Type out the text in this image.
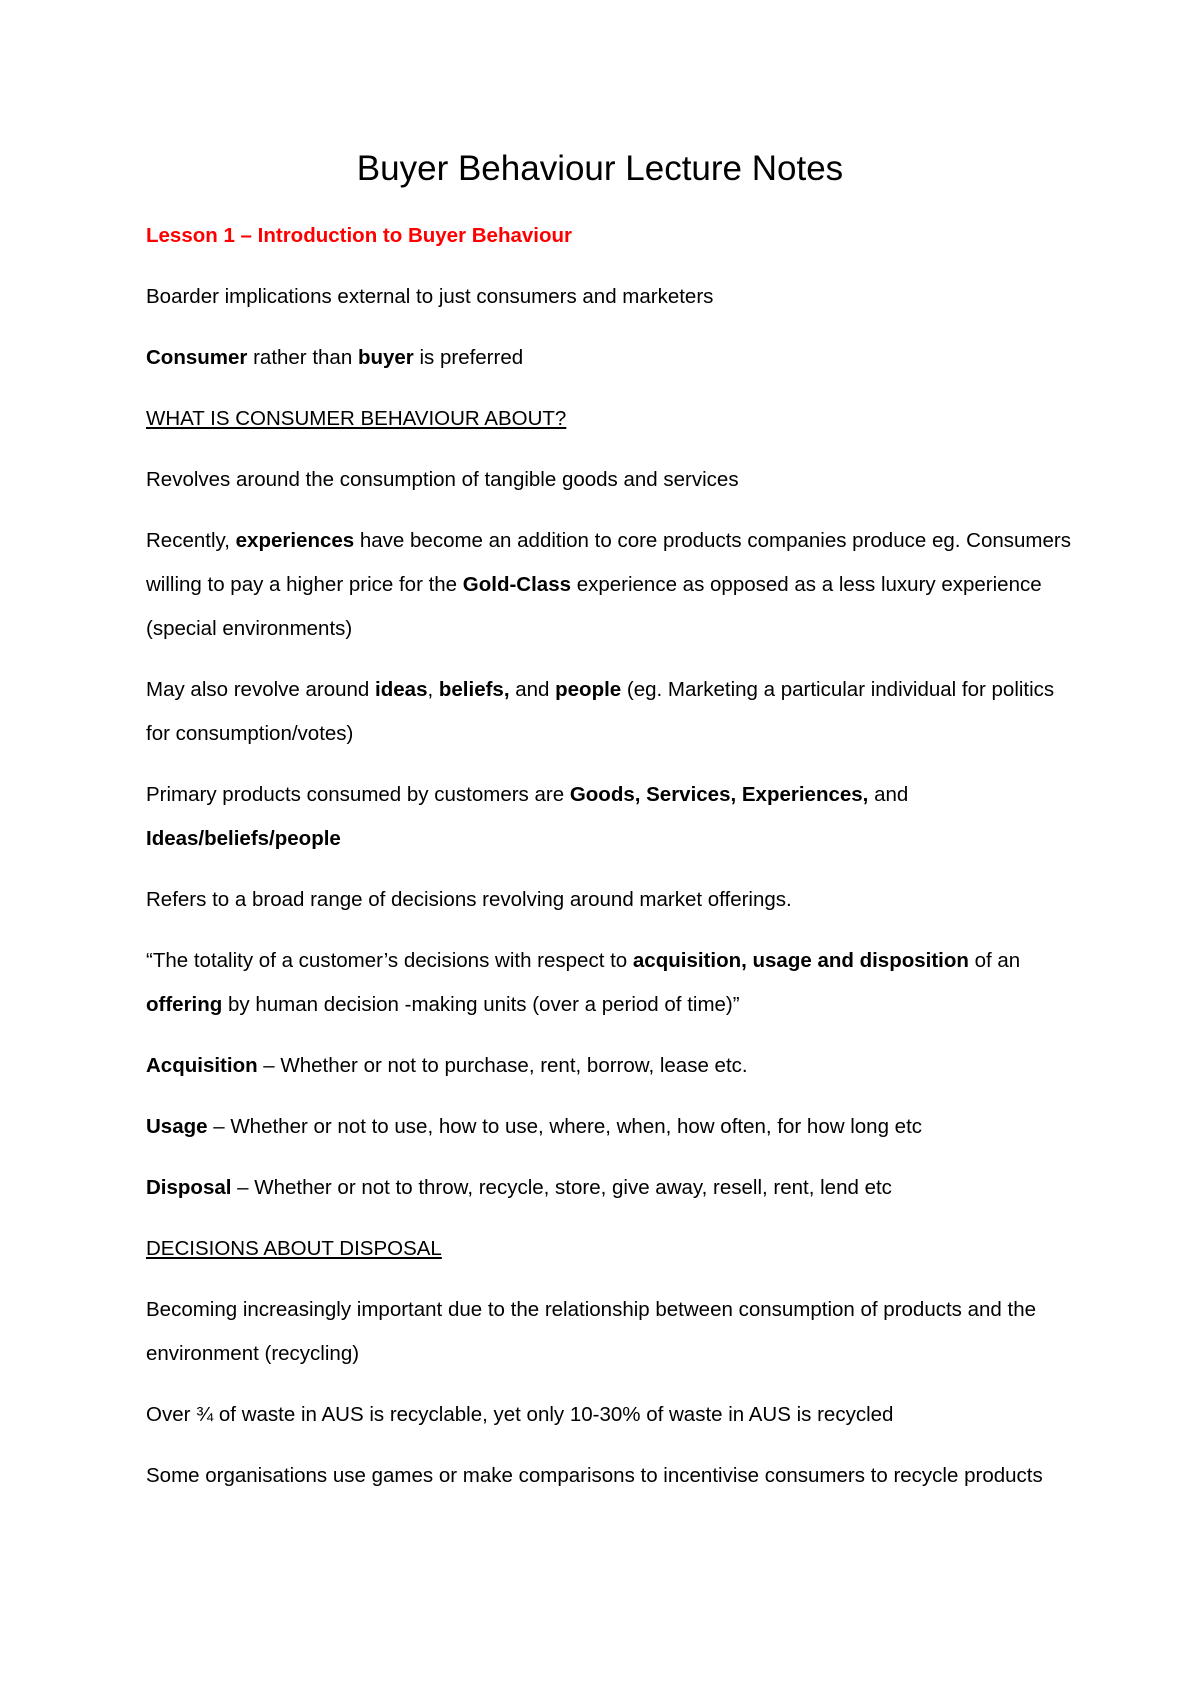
Buyer Behaviour Lecture Notes

Lesson 1 – Introduction to Buyer Behaviour

Boarder implications external to just consumers and marketers

Consumer rather than buyer is preferred

WHAT IS CONSUMER BEHAVIOUR ABOUT?

Revolves around the consumption of tangible goods and services

Recently, experiences have become an addition to core products companies produce eg. Consumers willing to pay a higher price for the Gold-Class experience as opposed as a less luxury experience (special environments)

May also revolve around ideas, beliefs, and people (eg. Marketing a particular individual for politics for consumption/votes)

Primary products consumed by customers are Goods, Services, Experiences, and Ideas/beliefs/people

Refers to a broad range of decisions revolving around market offerings.

“The totality of a customer’s decisions with respect to acquisition, usage and disposition of an offering by human decision -making units (over a period of time)”

Acquisition – Whether or not to purchase, rent, borrow, lease etc.

Usage – Whether or not to use, how to use, where, when, how often, for how long etc

Disposal – Whether or not to throw, recycle, store, give away, resell, rent, lend etc

DECISIONS ABOUT DISPOSAL

Becoming increasingly important due to the relationship between consumption of products and the environment (recycling)

Over ¾ of waste in AUS is recyclable, yet only 10-30% of waste in AUS is recycled

Some organisations use games or make comparisons to incentivise consumers to recycle products
